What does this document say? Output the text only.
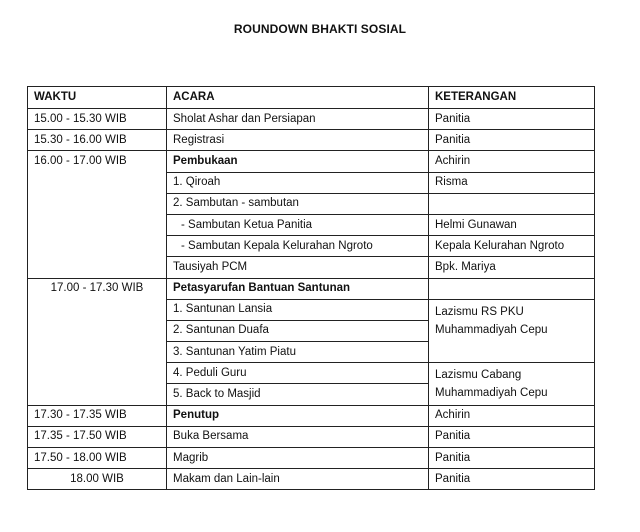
ROUNDOWN BHAKTI SOSIAL
WAKTU	ACARA	KETERANGAN
15.00 - 15.30 WIB	Sholat Ashar dan Persiapan	Panitia
15.30 - 16.00 WIB	Registrasi	Panitia
16.00 - 17.00 WIB	Pembukaan	Achirin
	1. Qiroah	Risma
	2. Sambutan - sambutan	
	- Sambutan Ketua Panitia	Helmi Gunawan
	- Sambutan Kepala Kelurahan Ngroto	Kepala Kelurahan Ngroto
	Tausiyah PCM	Bpk. Mariya
17.00 - 17.30 WIB	Petasyarufan Bantuan Santunan	
	1. Santunan Lansia	Lazismu RS PKU Muhammadiyah Cepu
	2. Santunan Duafa	
	3. Santunan Yatim Piatu	
	4. Peduli Guru	Lazismu Cabang Muhammadiyah Cepu
	5. Back to Masjid	
17.30 - 17.35 WIB	Penutup	Achirin
17.35 - 17.50 WIB	Buka Bersama	Panitia
17.50 - 18.00 WIB	Magrib	Panitia
18.00 WIB	Makam dan Lain-lain	Panitia
